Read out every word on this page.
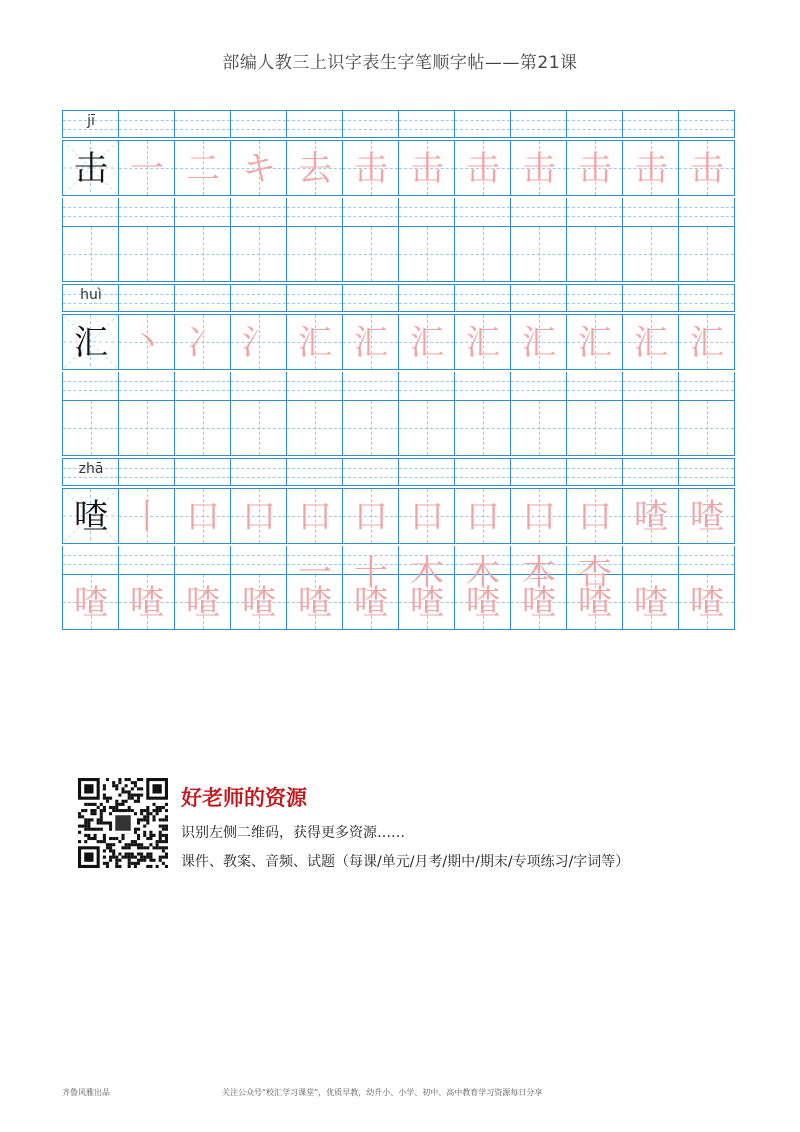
部编人教三上识字表生字笔顺字帖——第21课
jī
击 一 二 キ 去 击 击 击 击 击 击 击
huì
汇 丶 冫 氵 汇 汇 汇 汇 汇 汇 汇 汇
zhā
喳 丨 口 口 口一
口十
口木
口木
口本
口杏
喳 喳
喳 喳 喳 喳 喳 喳 喳 喳 喳 喳 喳 喳
好老师的资源
识别左侧二维码，获得更多资源……
课件、教案、音频、试题（每课/单元/月考/期中/期末/专项练习/字词等）
齐鲁风雅出品	关注公众号“校汇学习课堂”，优质早教，幼升小、小学、初中、高中教育学习资源每日分享
